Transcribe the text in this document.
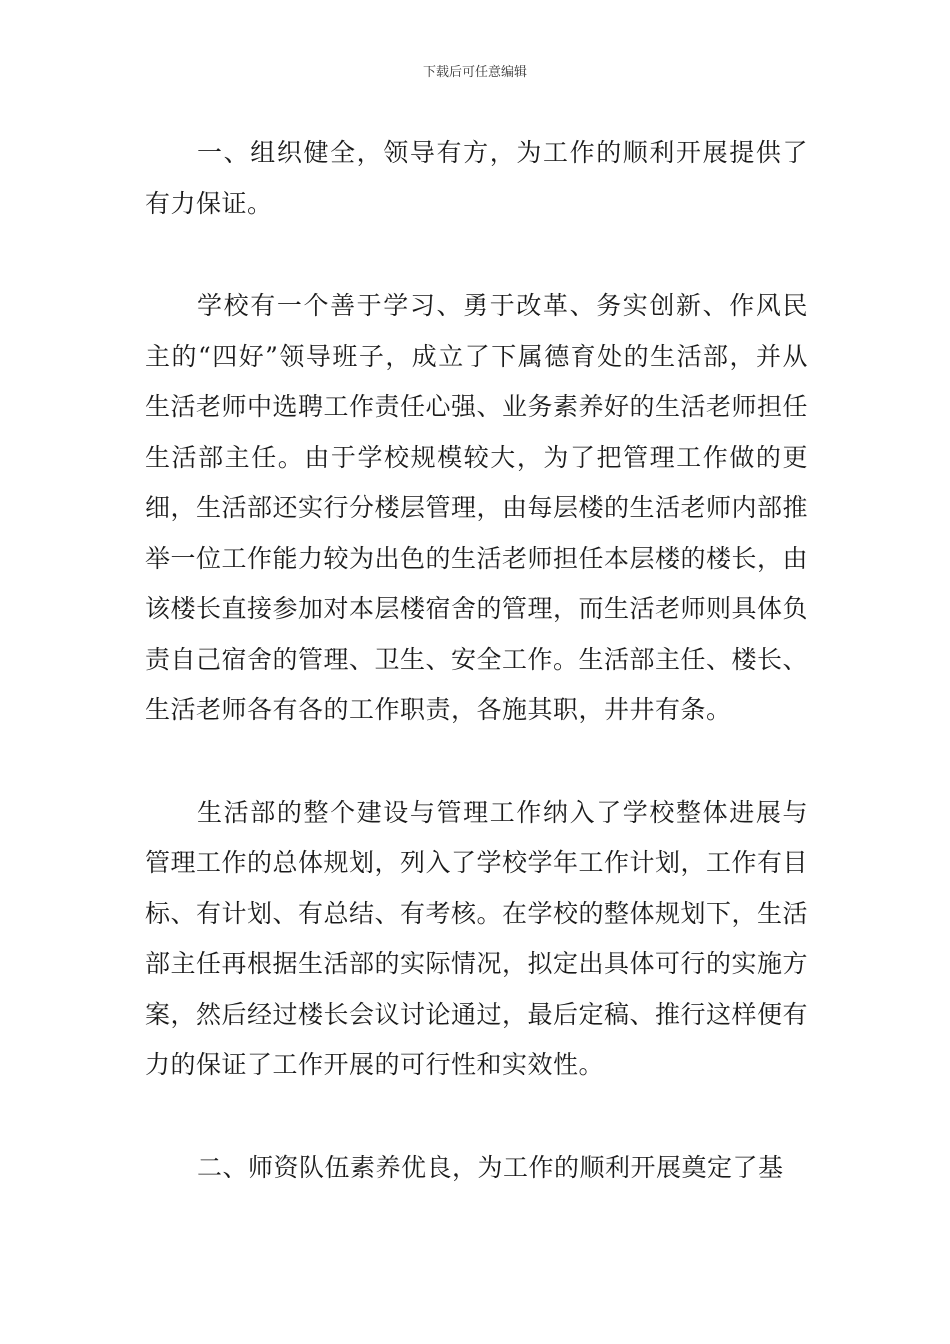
下载后可任意编辑

一、组织健全，领导有方，为工作的顺利开展提供了有力保证。

学校有一个善于学习、勇于改革、务实创新、作风民主的“四好”领导班子，成立了下属德育处的生活部，并从生活老师中选聘工作责任心强、业务素养好的生活老师担任生活部主任。由于学校规模较大，为了把管理工作做的更细，生活部还实行分楼层管理，由每层楼的生活老师内部推举一位工作能力较为出色的生活老师担任本层楼的楼长，由该楼长直接参加对本层楼宿舍的管理，而生活老师则具体负责自己宿舍的管理、卫生、安全工作。生活部主任、楼长、生活老师各有各的工作职责，各施其职，井井有条。

生活部的整个建设与管理工作纳入了学校整体进展与管理工作的总体规划，列入了学校学年工作计划，工作有目标、有计划、有总结、有考核。在学校的整体规划下，生活部主任再根据生活部的实际情况，拟定出具体可行的实施方案，然后经过楼长会议讨论通过，最后定稿、推行这样便有力的保证了工作开展的可行性和实效性。

二、师资队伍素养优良，为工作的顺利开展奠定了基
